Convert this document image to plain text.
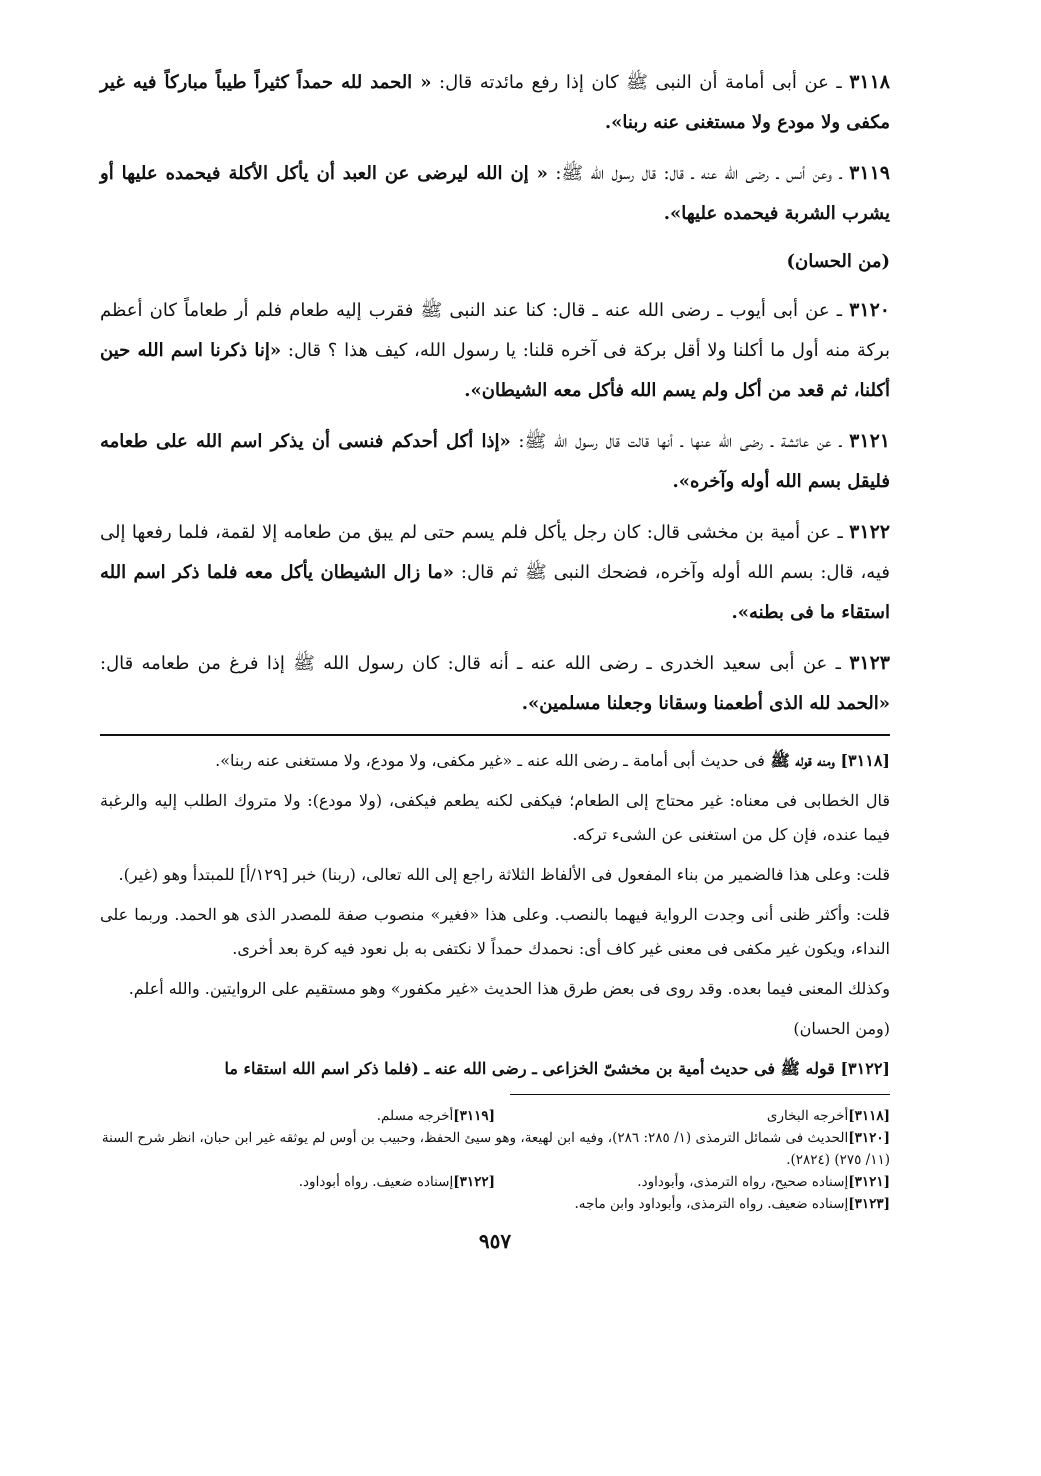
٣١١٨ ـ عن أبى أمامة أن النبى ﷺ كان إذا رفع مائدته قال: « الحمد لله حمداً كثيراً طيباً مباركاً فيه غير مكفى ولا مودع ولا مستغنى عنه ربنا».

٣١١٩ ـ وعن أنس ـ رضى الله عنه ـ قال: قال رسول الله ﷺ: « إن الله ليرضى عن العبد أن يأكل الأكلة فيحمده عليها أو يشرب الشربة فيحمده عليها».

(من الحسان)

٣١٢٠ ـ عن أبى أيوب ـ رضى الله عنه ـ قال: كنا عند النبى ﷺ فقرب إليه طعام فلم أر طعاماً كان أعظم بركة منه أول ما أكلنا ولا أقل بركة فى آخره قلنا: يا رسول الله، كيف هذا ؟ قال: «إنا ذكرنا اسم الله حين أكلنا، ثم قعد من أكل ولم يسم الله فأكل معه الشيطان».

٣١٢١ ـ عن عائشة ـ رضى الله عنها ـ أنها قالت قال رسول الله ﷺ: «إذا أكل أحدكم فنسى أن يذكر اسم الله على طعامه فليقل بسم الله أوله وآخره».

٣١٢٢ ـ عن أمية بن مخشى قال: كان رجل يأكل فلم يسم حتى لم يبق من طعامه إلا لقمة، فلما رفعها إلى فيه، قال: بسم الله أوله وآخره، فضحك النبى ﷺ ثم قال: «ما زال الشيطان يأكل معه فلما ذكر اسم الله استقاء ما فى بطنه».

٣١٢٣ ـ عن أبى سعيد الخدرى ـ رضى الله عنه ـ أنه قال: كان رسول الله ﷺ إذا فرغ من طعامه قال: «الحمد لله الذى أطعمنا وسقانا وجعلنا مسلمين».

[٣١١٨] ومنه قوله ﷺ فى حديث أبى أمامة ـ رضى الله عنه ـ «غير مكفى، ولا مودع، ولا مستغنى عنه ربنا».

قال الخطابى فى معناه: غير محتاج إلى الطعام؛ فيكفى لكنه يطعم فيكفى، (ولا مودع): ولا متروك الطلب إليه والرغبة فيما عنده، فإن كل من استغنى عن الشىء تركه.

قلت: وعلى هذا فالضمير من بناء المفعول فى الألفاظ الثلاثة راجع إلى الله تعالى، (ربنا) خبر [١٢٩/أ] للمبتدأ وهو (غير).

قلت: وأكثر ظنى أنى وجدت الرواية فيهما بالنصب. وعلى هذا «فغير» منصوب صفة للمصدر الذى هو الحمد. وربما على النداء، ويكون غير مكفى فى معنى غير كاف أى: نحمدك حمداً لا نكتفى به بل نعود فيه كرة بعد أخرى.

وكذلك المعنى فيما بعده. وقد روى فى بعض طرق هذا الحديث «غير مكفور» وهو مستقيم على الروايتين. والله أعلم.

(ومن الحسان)

[٣١٢٢] قوله ﷺ فى حديث أمية بن مخشىّ الخزاعى ـ رضى الله عنه ـ (فلما ذكر اسم الله استقاء ما

[٣١١٨]أخرجه البخارى
[٣١١٩]أخرجه مسلم.
[٣١٢٠]الحديث فى شمائل الترمذى (١/ ٢٨٥: ٢٨٦)، وفيه ابن لهيعة، وهو سيئ الحفظ، وحبيب بن أوس لم يوثقه غير ابن حبان، انظر شرح السنة (١١/ ٢٧٥) (٢٨٢٤).
[٣١٢١]إسناده صحيح، رواه الترمذى، وأبوداود.
[٣١٢٢]إسناده ضعيف. رواه أبوداود.
[٣١٢٣]إسناده ضعيف. رواه الترمذى، وأبوداود وابن ماجه.
٩٥٧
